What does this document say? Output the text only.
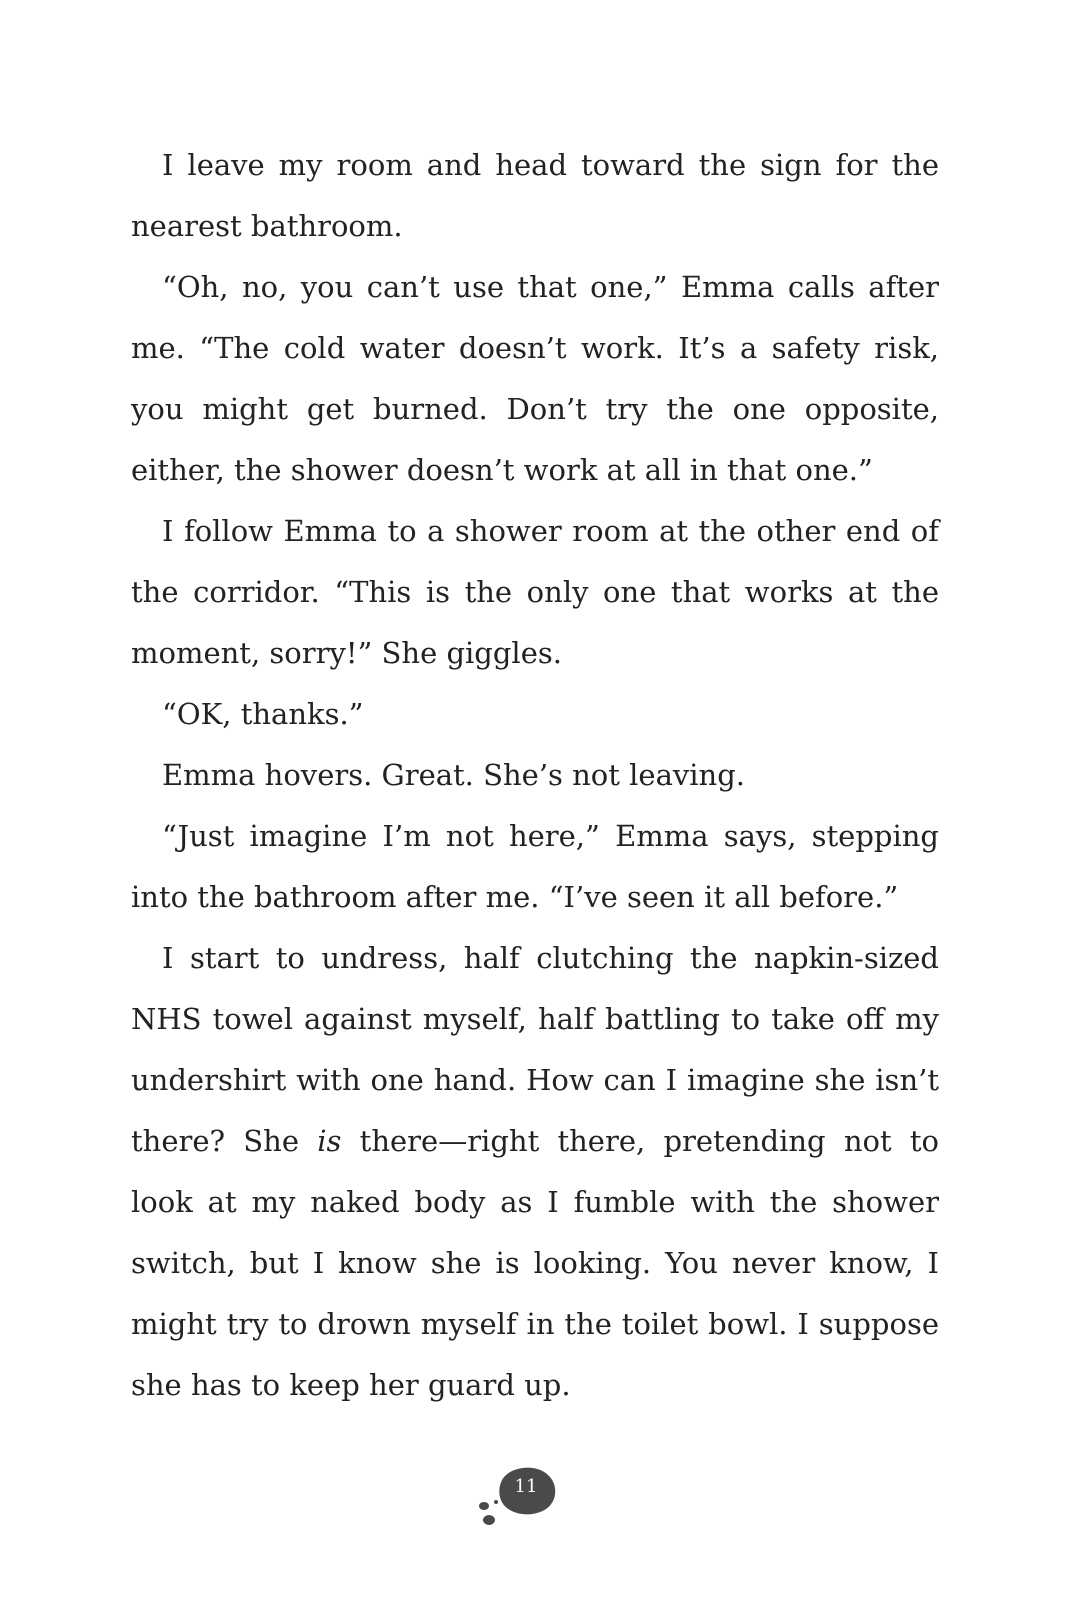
I leave my room and head toward the sign for the nearest bathroom.

“Oh, no, you can’t use that one,” Emma calls after me. “The cold water doesn’t work. It’s a safety risk, you might get burned. Don’t try the one opposite, either, the shower doesn’t work at all in that one.”

I follow Emma to a shower room at the other end of the corridor. “This is the only one that works at the moment, sorry!” She giggles.

“OK, thanks.”

Emma hovers. Great. She’s not leaving.

“Just imagine I’m not here,” Emma says, stepping into the bathroom after me. “I’ve seen it all before.”

I start to undress, half clutching the napkin-sized NHS towel against myself, half battling to take off my undershirt with one hand. How can I imagine she isn’t there? She is there—right there, pretending not to look at my naked body as I fumble with the shower switch, but I know she is looking. You never know, I might try to drown myself in the toilet bowl. I suppose she has to keep her guard up.

11
